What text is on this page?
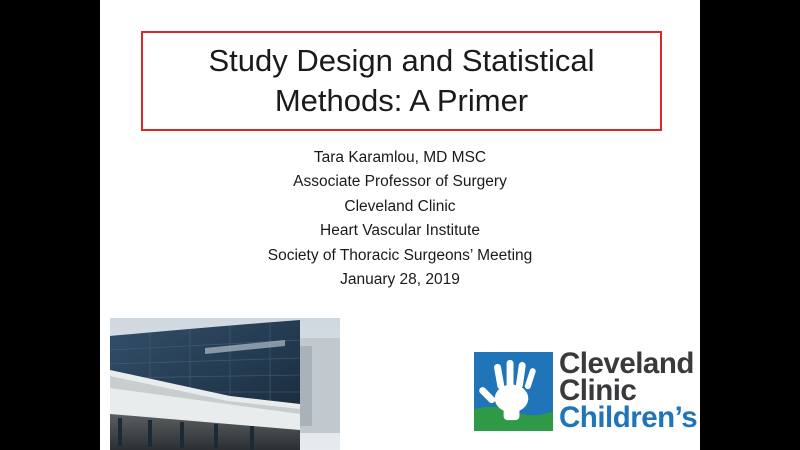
Study Design and Statistical
Methods: A Primer
Tara Karamlou, MD MSC
Associate Professor of Surgery
Cleveland Clinic
Heart Vascular Institute
Society of Thoracic Surgeons’ Meeting
January 28, 2019
Cleveland
Clinic
Children’s
